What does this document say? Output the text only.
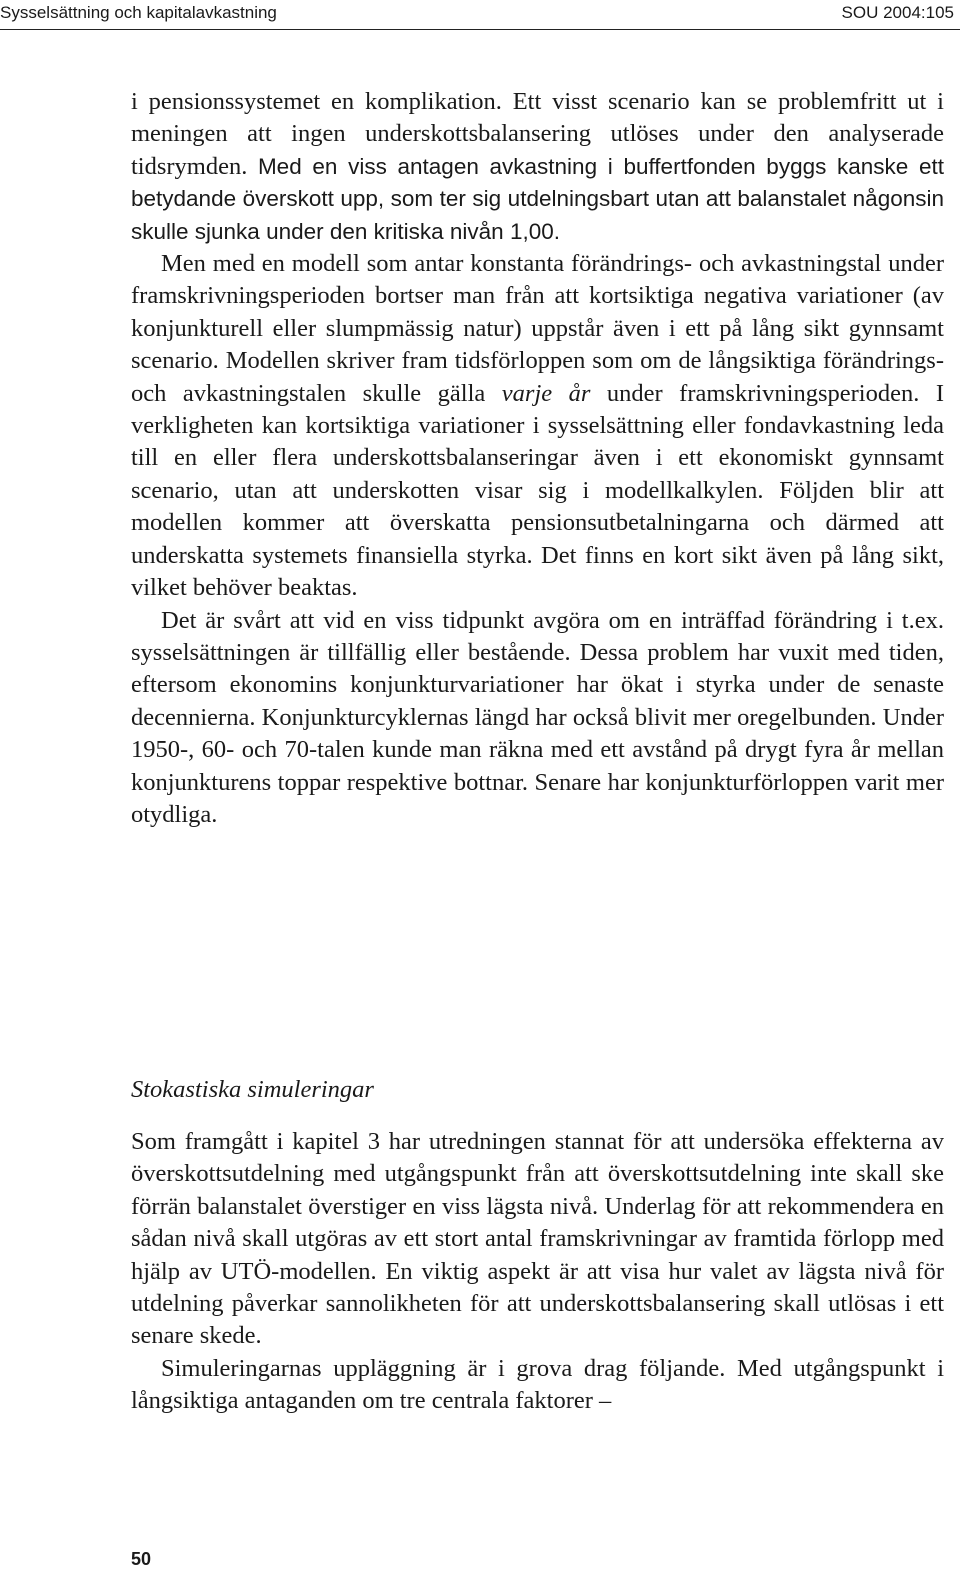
Sysselsättning och kapitalavkastning	SOU 2004:105

i pensionssystemet en komplikation. Ett visst scenario kan se problemfritt ut i meningen att ingen underskottsbalansering utlöses under den analyserade tidsrymden. Med en viss antagen avkastning i buffertfonden byggs kanske ett betydande överskott upp, som ter sig utdelningsbart utan att balanstalet någonsin skulle sjunka under den kritiska nivån 1,00.

Men med en modell som antar konstanta förändrings- och avkastningstal under framskrivningsperioden bortser man från att kortsiktiga negativa variationer (av konjunkturell eller slumpmässig natur) uppstår även i ett på lång sikt gynnsamt scenario. Modellen skriver fram tidsförloppen som om de långsiktiga förändrings- och avkastningstalen skulle gälla varje år under framskrivningsperioden. I verkligheten kan kortsiktiga variationer i sysselsättning eller fondavkastning leda till en eller flera underskottsbalanseringar även i ett ekonomiskt gynnsamt scenario, utan att underskotten visar sig i modellkalkylen. Följden blir att modellen kommer att överskatta pensionsutbetalningarna och därmed att underskatta systemets finansiella styrka. Det finns en kort sikt även på lång sikt, vilket behöver beaktas.

Det är svårt att vid en viss tidpunkt avgöra om en inträffad förändring i t.ex. sysselsättningen är tillfällig eller bestående. Dessa problem har vuxit med tiden, eftersom ekonomins konjunkturvariationer har ökat i styrka under de senaste decennierna. Konjunkturcyklernas längd har också blivit mer oregelbunden. Under 1950-, 60- och 70-talen kunde man räkna med ett avstånd på drygt fyra år mellan konjunkturens toppar respektive bottnar. Senare har konjunkturförloppen varit mer otydliga.

Stokastiska simuleringar

Som framgått i kapitel 3 har utredningen stannat för att undersöka effekterna av överskottsutdelning med utgångspunkt från att överskottsutdelning inte skall ske förrän balanstalet överstiger en viss lägsta nivå. Underlag för att rekommendera en sådan nivå skall utgöras av ett stort antal framskrivningar av framtida förlopp med hjälp av UTÖ-modellen. En viktig aspekt är att visa hur valet av lägsta nivå för utdelning påverkar sannolikheten för att underskottsbalansering skall utlösas i ett senare skede.

Simuleringarnas uppläggning är i grova drag följande. Med utgångspunkt i långsiktiga antaganden om tre centrala faktorer –

50
